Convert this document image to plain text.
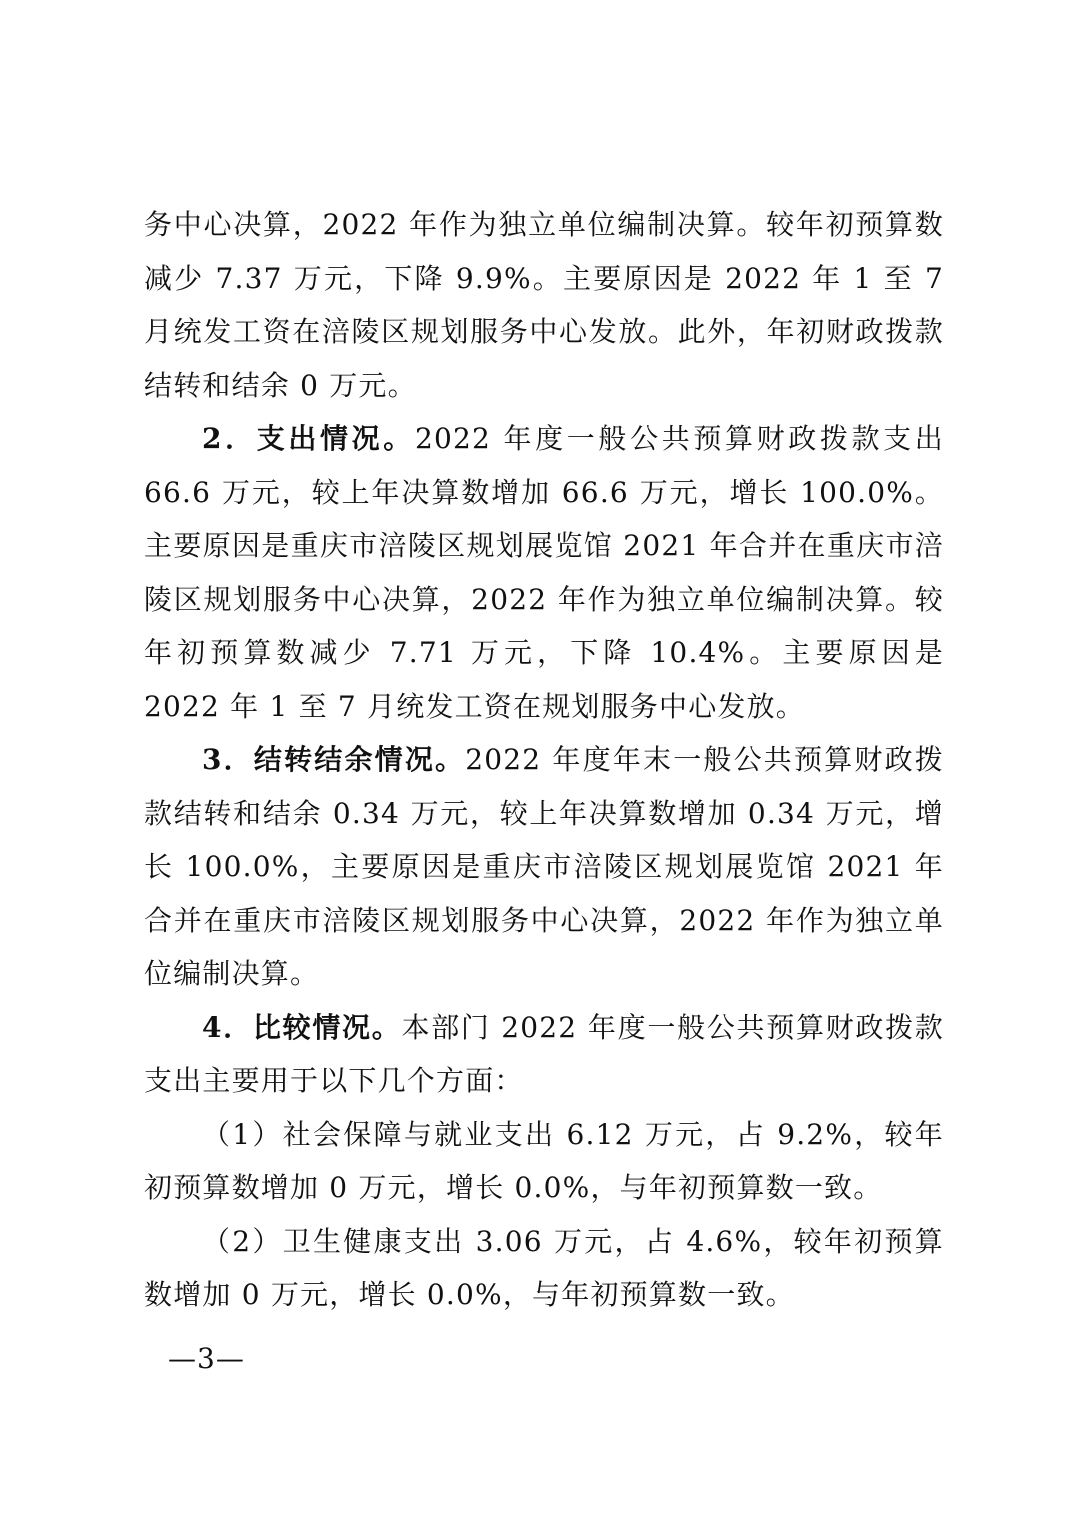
务中心决算，2022 年作为独立单位编制决算。较年初预算数减少 7.37 万元，下降 9.9%。主要原因是 2022 年 1 至 7 月统发工资在涪陵区规划服务中心发放。此外，年初财政拨款结转和结余 0 万元。

2．支出情况。2022 年度一般公共预算财政拨款支出 66.6 万元，较上年决算数增加 66.6 万元，增长 100.0%。主要原因是重庆市涪陵区规划展览馆 2021 年合并在重庆市涪陵区规划服务中心决算，2022 年作为独立单位编制决算。较年初预算数减少 7.71 万元，下降 10.4%。主要原因是 2022 年 1 至 7 月统发工资在规划服务中心发放。

3．结转结余情况。2022 年度年末一般公共预算财政拨款结转和结余 0.34 万元，较上年决算数增加 0.34 万元，增长 100.0%，主要原因是重庆市涪陵区规划展览馆 2021 年合并在重庆市涪陵区规划服务中心决算，2022 年作为独立单位编制决算。

4．比较情况。本部门 2022 年度一般公共预算财政拨款支出主要用于以下几个方面：

（1）社会保障与就业支出 6.12 万元，占 9.2%，较年初预算数增加 0 万元，增长 0.0%，与年初预算数一致。

（2）卫生健康支出 3.06 万元，占 4.6%，较年初预算数增加 0 万元，增长 0.0%，与年初预算数一致。

—3—
